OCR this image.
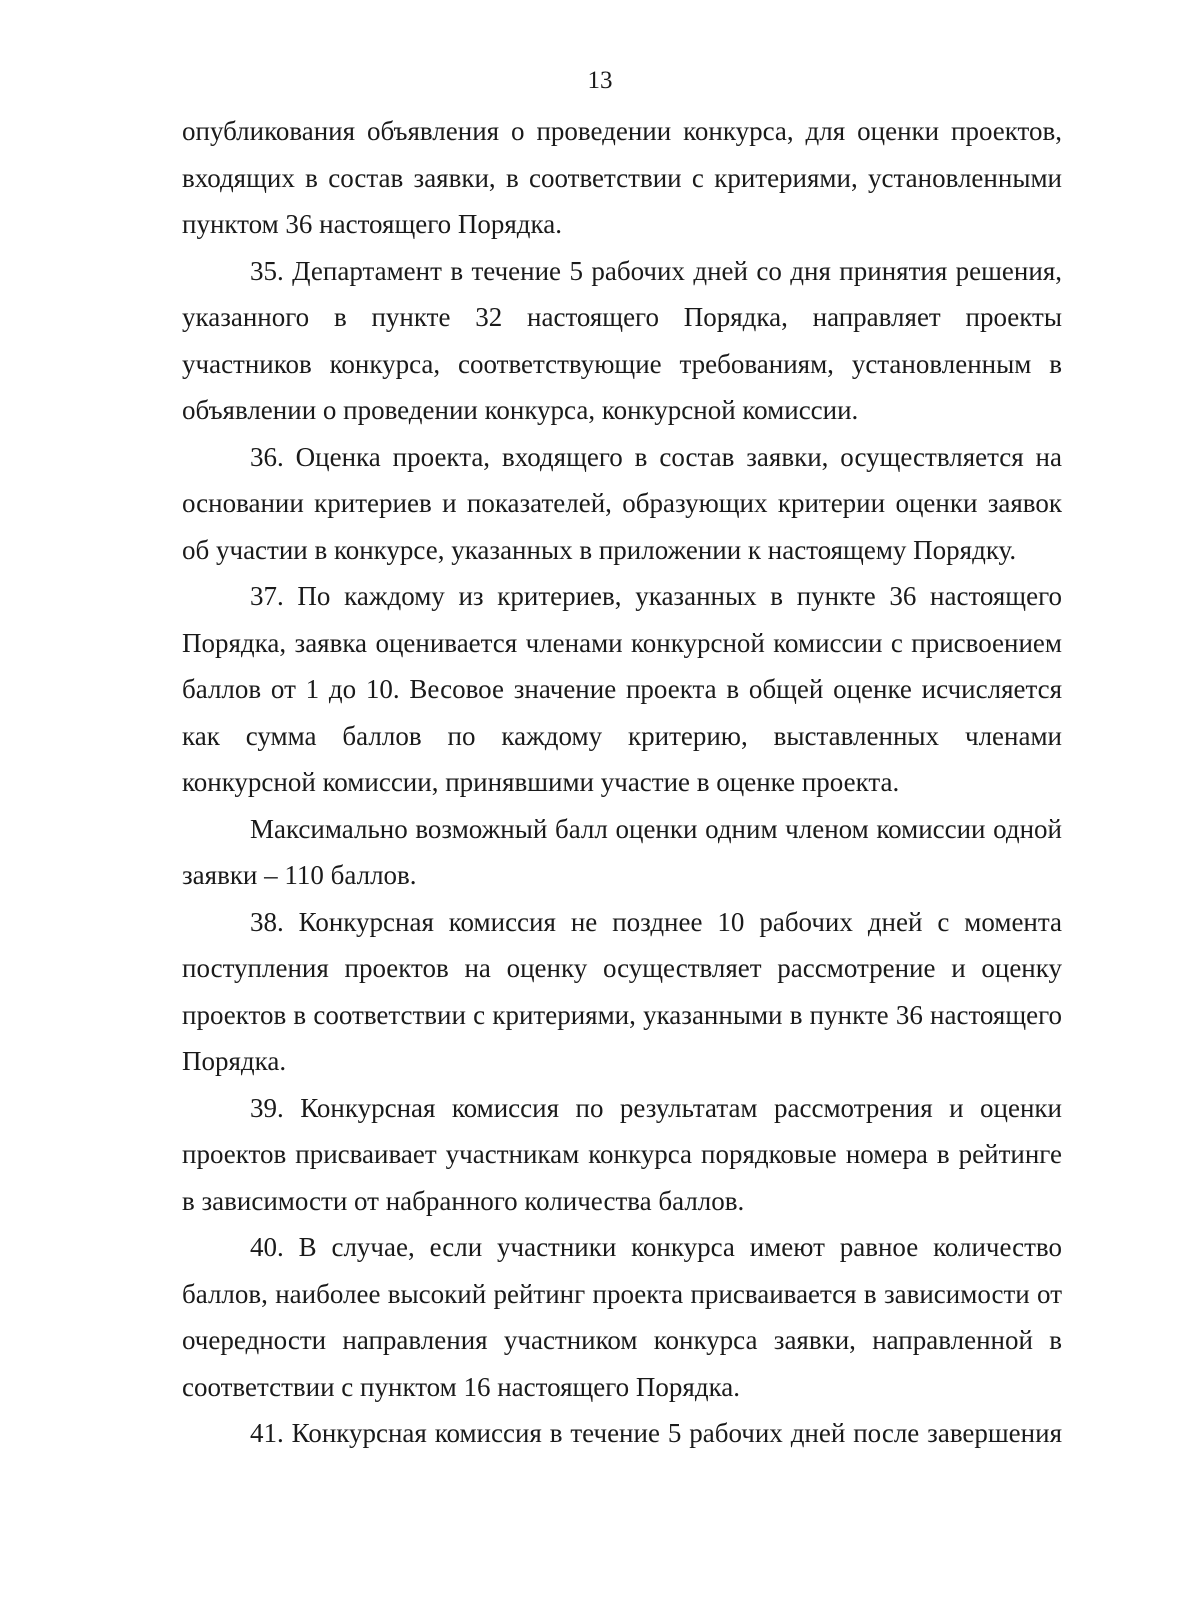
13

опубликования объявления о проведении конкурса, для оценки проектов, входящих в состав заявки, в соответствии с критериями, установленными пунктом 36 настоящего Порядка.

35. Департамент в течение 5 рабочих дней со дня принятия решения, указанного в пункте 32 настоящего Порядка, направляет проекты участников конкурса, соответствующие требованиям, установленным в объявлении о проведении конкурса, конкурсной комиссии.

36. Оценка проекта, входящего в состав заявки, осуществляется на основании критериев и показателей, образующих критерии оценки заявок об участии в конкурсе, указанных в приложении к настоящему Порядку.

37. По каждому из критериев, указанных в пункте 36 настоящего Порядка, заявка оценивается членами конкурсной комиссии с присвоением баллов от 1 до 10. Весовое значение проекта в общей оценке исчисляется как сумма баллов по каждому критерию, выставленных членами конкурсной комиссии, принявшими участие в оценке проекта.

Максимально возможный балл оценки одним членом комиссии одной заявки – 110 баллов.

38. Конкурсная комиссия не позднее 10 рабочих дней с момента поступления проектов на оценку осуществляет рассмотрение и оценку проектов в соответствии с критериями, указанными в пункте 36 настоящего Порядка.

39. Конкурсная комиссия по результатам рассмотрения и оценки проектов присваивает участникам конкурса порядковые номера в рейтинге в зависимости от набранного количества баллов.

40. В случае, если участники конкурса имеют равное количество баллов, наиболее высокий рейтинг проекта присваивается в зависимости от очередности направления участником конкурса заявки, направленной в соответствии с пунктом 16 настоящего Порядка.

41. Конкурсная комиссия в течение 5 рабочих дней после завершения
